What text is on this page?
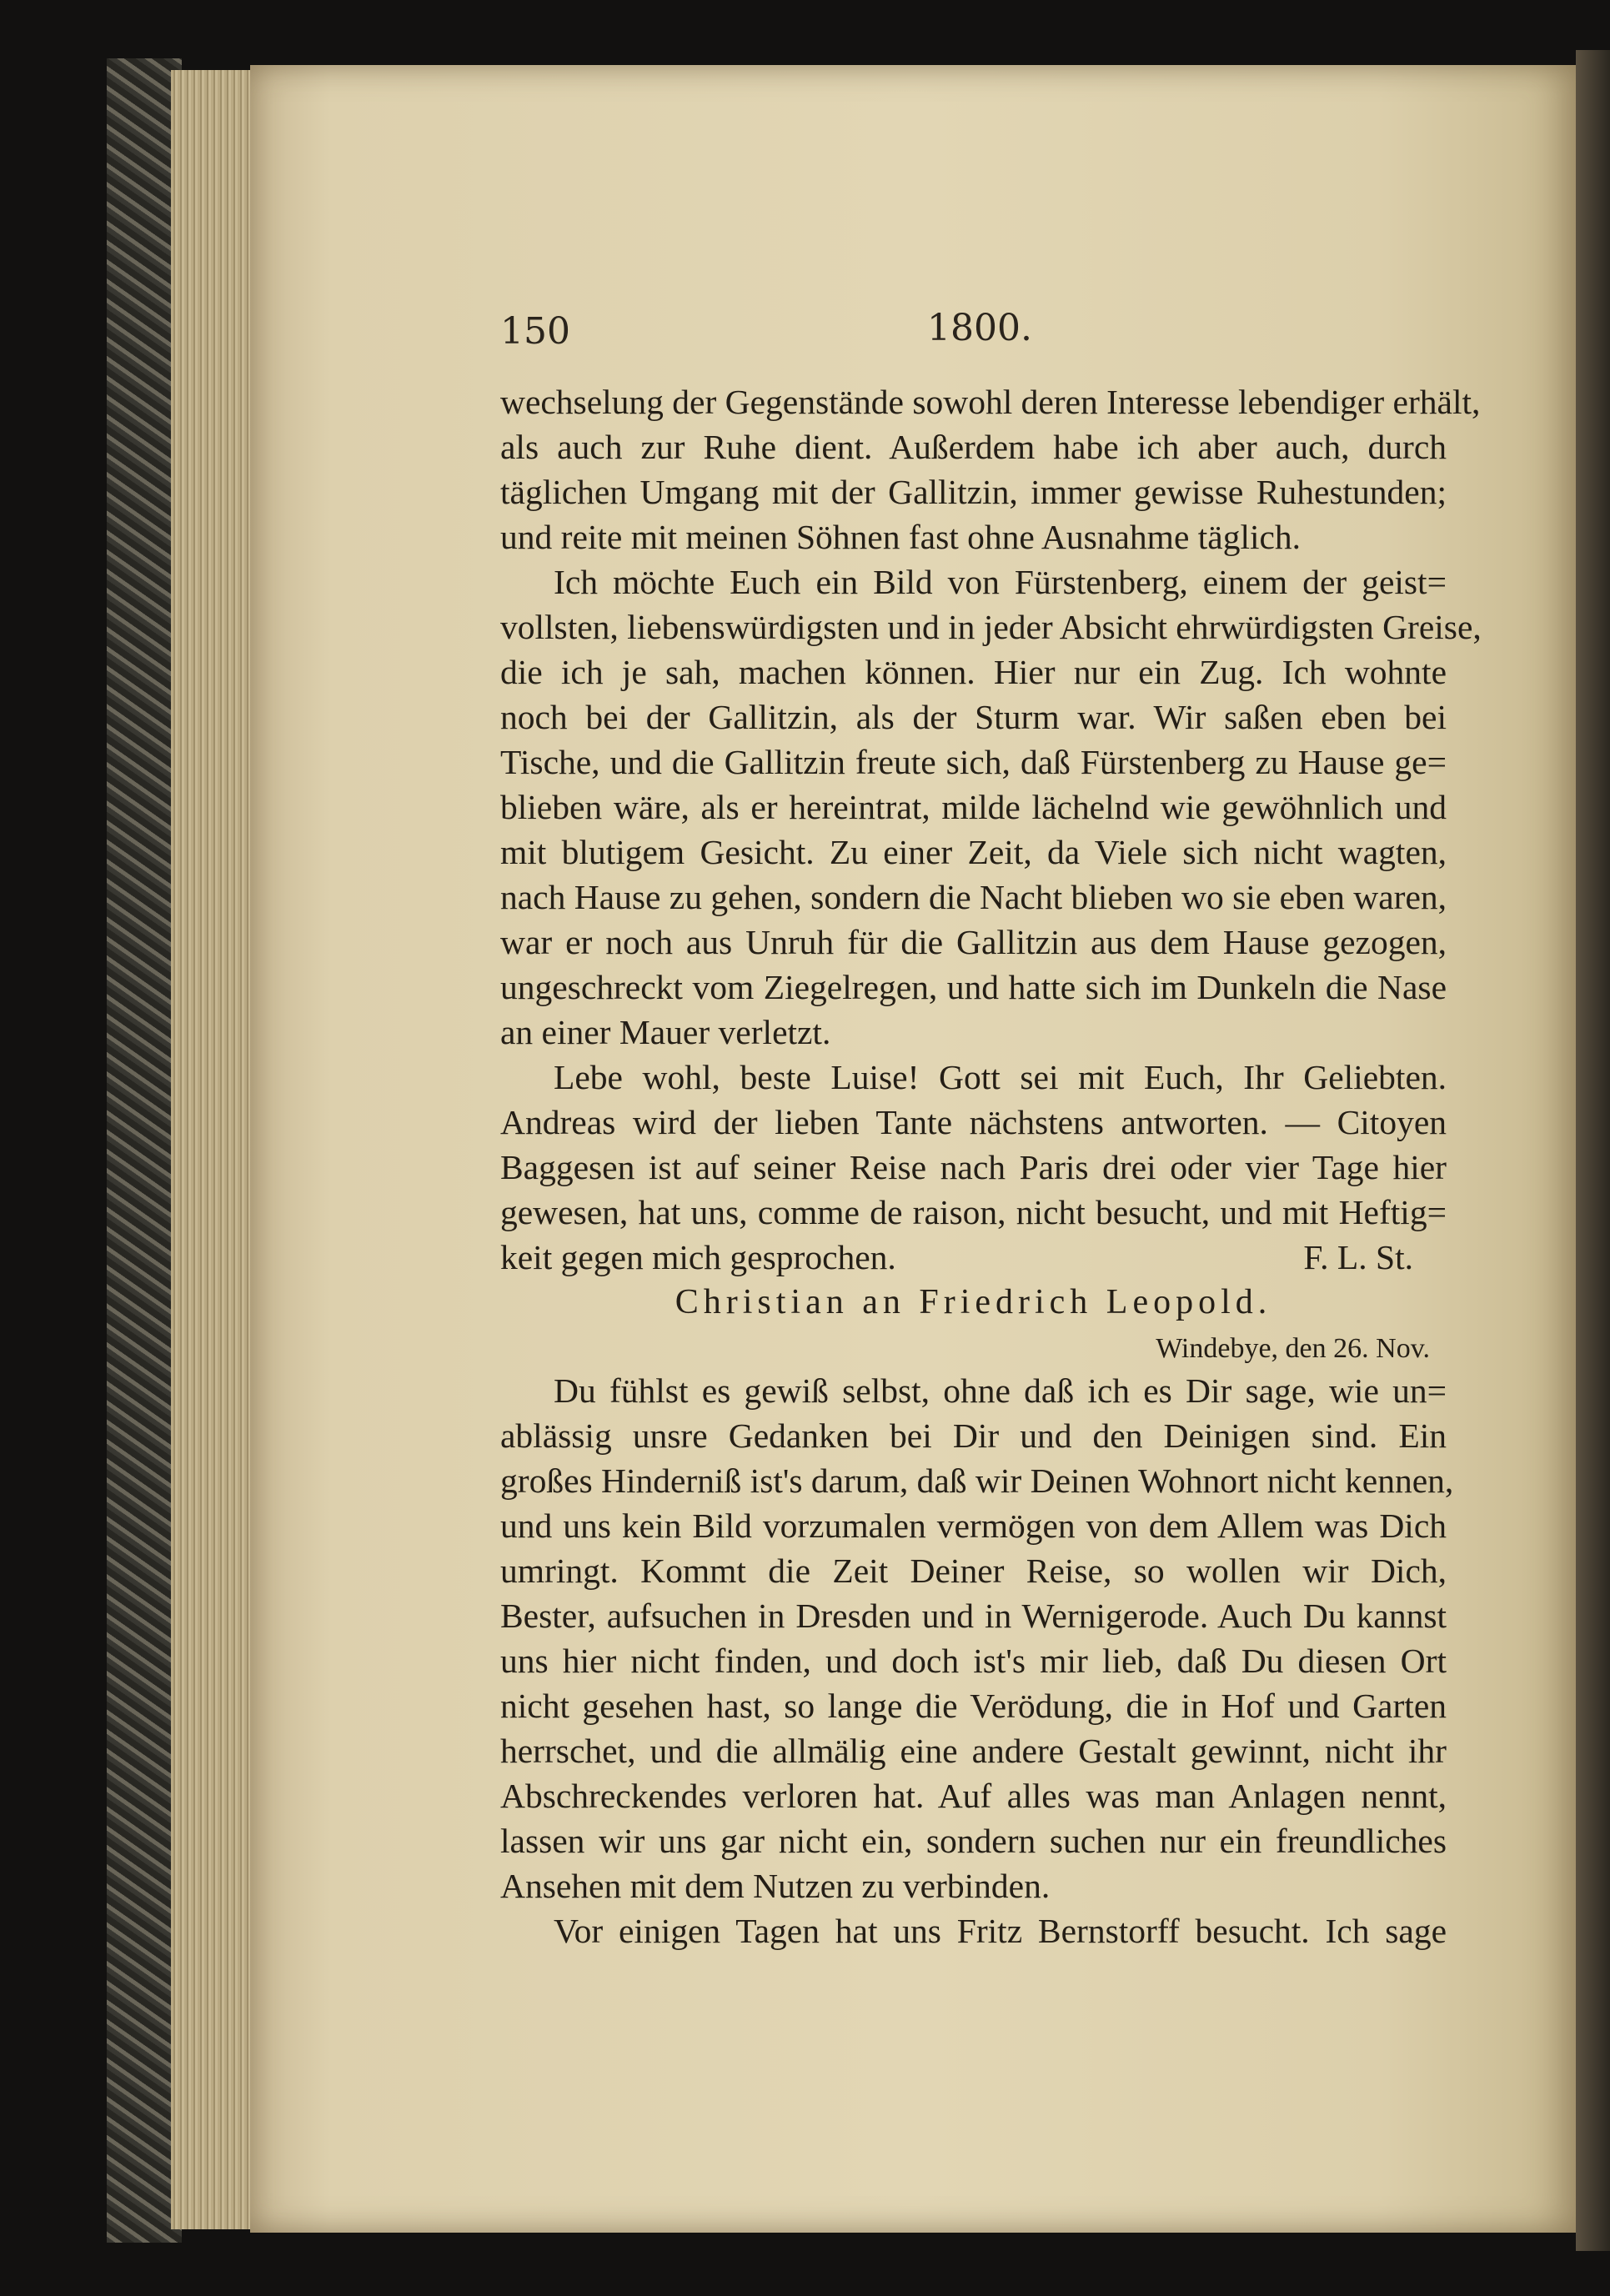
150	1800.
wechselung der Gegenstände sowohl deren Interesse lebendiger erhält,
als auch zur Ruhe dient. Außerdem habe ich aber auch, durch
täglichen Umgang mit der Gallitzin, immer gewisse Ruhestunden;
und reite mit meinen Söhnen fast ohne Ausnahme täglich.
Ich möchte Euch ein Bild von Fürstenberg, einem der geist=
vollsten, liebenswürdigsten und in jeder Absicht ehrwürdigsten Greise,
die ich je sah, machen können. Hier nur ein Zug. Ich wohnte
noch bei der Gallitzin, als der Sturm war. Wir saßen eben bei
Tische, und die Gallitzin freute sich, daß Fürstenberg zu Hause ge=
blieben wäre, als er hereintrat, milde lächelnd wie gewöhnlich und
mit blutigem Gesicht. Zu einer Zeit, da Viele sich nicht wagten,
nach Hause zu gehen, sondern die Nacht blieben wo sie eben waren,
war er noch aus Unruh für die Gallitzin aus dem Hause gezogen,
ungeschreckt vom Ziegelregen, und hatte sich im Dunkeln die Nase
an einer Mauer verletzt.
Lebe wohl, beste Luise! Gott sei mit Euch, Ihr Geliebten.
Andreas wird der lieben Tante nächstens antworten. — Citoyen
Baggesen ist auf seiner Reise nach Paris drei oder vier Tage hier
gewesen, hat uns, comme de raison, nicht besucht, und mit Heftig=
keit gegen mich gesprochen.	F. L. St.
Christian an Friedrich Leopold.
Windebye, den 26. Nov.
Du fühlst es gewiß selbst, ohne daß ich es Dir sage, wie un=
ablässig unsre Gedanken bei Dir und den Deinigen sind. Ein
großes Hinderniß ist's darum, daß wir Deinen Wohnort nicht kennen,
und uns kein Bild vorzumalen vermögen von dem Allem was Dich
umringt. Kommt die Zeit Deiner Reise, so wollen wir Dich,
Bester, aufsuchen in Dresden und in Wernigerode. Auch Du kannst
uns hier nicht finden, und doch ist's mir lieb, daß Du diesen Ort
nicht gesehen hast, so lange die Verödung, die in Hof und Garten
herrschet, und die allmälig eine andere Gestalt gewinnt, nicht ihr
Abschreckendes verloren hat. Auf alles was man Anlagen nennt,
lassen wir uns gar nicht ein, sondern suchen nur ein freundliches
Ansehen mit dem Nutzen zu verbinden.
Vor einigen Tagen hat uns Fritz Bernstorff besucht. Ich sage
